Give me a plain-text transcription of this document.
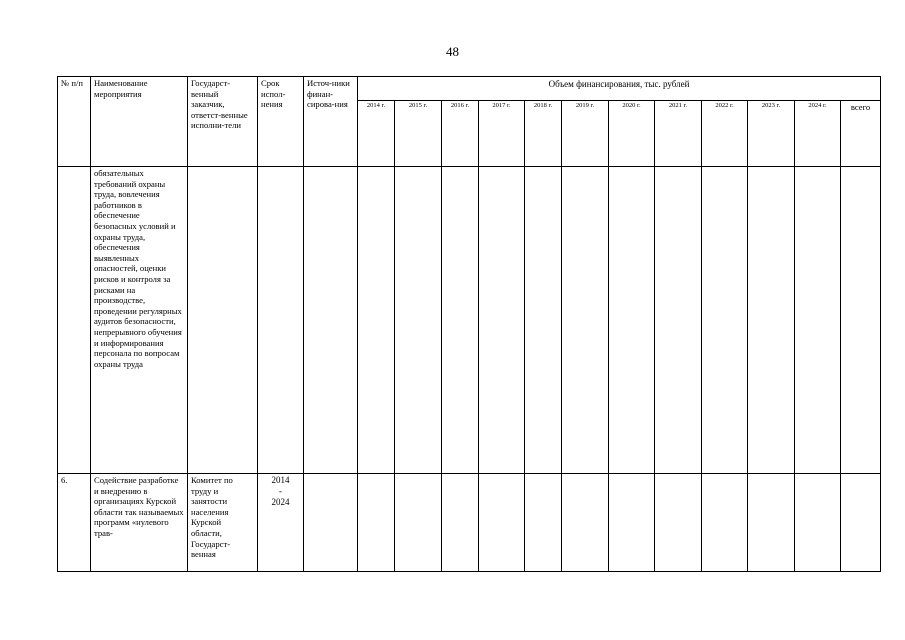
48
№ п/п	Наименование мероприятия	Государст-венный заказчик, ответст-венные исполни-тели	Срок испол-нения	Источ-ники финан-сирова-ния	Объем финансирования, тыс. рублей											
					2014 г.	2015 г.	2016 г.	2017 г.	2018 г.	2019 г.	2020 г.	2021 г.	2022 г.	2023 г.	2024 г.	всего
	обязательных требований охраны труда, вовлечения работников в обеспечение безопасных условий и охраны труда, обеспечения выявленных опасностей, оценки рисков и контроля за рисками на производстве, проведении регулярных аудитов безопасности, непрерывного обучения и информирования персонала по вопросам охраны труда															
6.	Содействие разработке и внедрению в организациях Курской области так называемых программ «нулевого трав-	Комитет по труду и занятости населения Курской области, Государст-венная	2014
-
2024													
